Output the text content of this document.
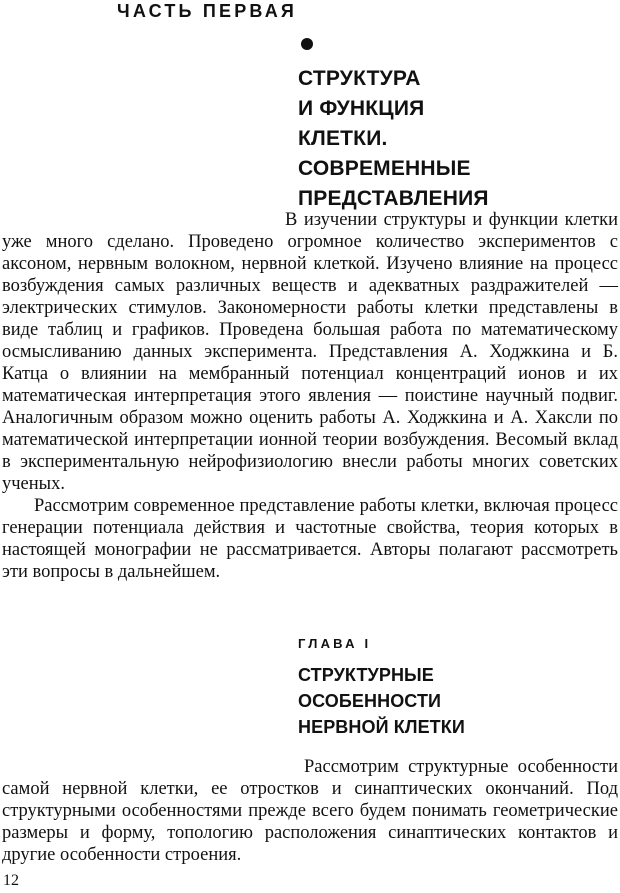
ЧАСТЬ ПЕРВАЯ
СТРУКТУРА
И ФУНКЦИЯ
КЛЕТКИ.
СОВРЕМЕННЫЕ
ПРЕДСТАВЛЕНИЯ

В изучении структуры и функции клетки уже много сделано. Проведено огромное количество экспериментов с аксоном, нервным волокном, нервной клеткой. Изучено влияние на процесс возбуждения самых различных веществ и адекватных раздражителей — электрических стимулов. Закономерности работы клетки представлены в виде таблиц и графиков. Проведена большая работа по математическому осмысливанию данных эксперимента. Представления А. Ходжкина и Б. Катца о влиянии на мембранный потенциал концентраций ионов и их математическая интерпретация этого явления — поистине научный подвиг. Аналогичным образом можно оценить работы А. Ходжкина и А. Хаксли по математической интерпретации ионной теории возбуждения. Весомый вклад в экспериментальную нейрофизиологию внесли работы многих советских ученых.

Рассмотрим современное представление работы клетки, включая процесс генерации потенциала действия и частотные свойства, теория которых в настоящей монографии не рассматривается. Авторы полагают рассмотреть эти вопросы в дальнейшем.

ГЛАВА I
СТРУКТУРНЫЕ
ОСОБЕННОСТИ
НЕРВНОЙ КЛЕТКИ

Рассмотрим структурные особенности самой нервной клетки, ее отростков и синаптических окончаний. Под структурными особенностями прежде всего будем понимать геометрические размеры и форму, топологию расположения синаптических контактов и другие особенности строения.

12
